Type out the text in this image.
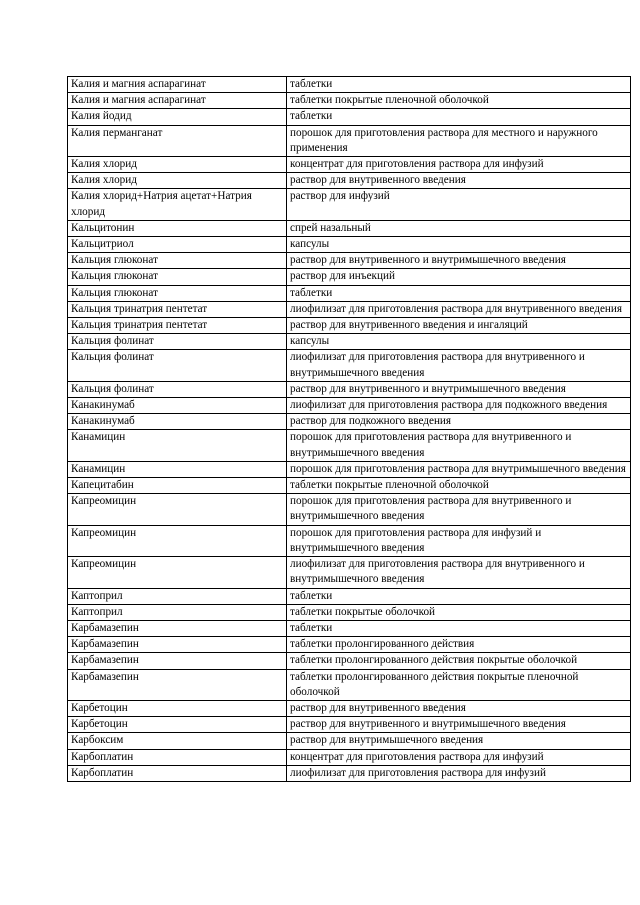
Калия и магния аспарагинат	таблетки
Калия и магния аспарагинат	таблетки покрытые пленочной оболочкой
Калия йодид	таблетки
Калия перманганат	порошок для приготовления раствора для местного и наружного применения
Калия хлорид	концентрат для приготовления раствора для инфузий
Калия хлорид	раствор для внутривенного введения
Калия хлорид+Натрия ацетат+Натрия хлорид	раствор для инфузий
Кальцитонин	спрей назальный
Кальцитриол	капсулы
Кальция глюконат	раствор для внутривенного и внутримышечного введения
Кальция глюконат	раствор для инъекций
Кальция глюконат	таблетки
Кальция тринатрия пентетат	лиофилизат для приготовления раствора для внутривенного введения
Кальция тринатрия пентетат	раствор для внутривенного введения и ингаляций
Кальция фолинат	капсулы
Кальция фолинат	лиофилизат для приготовления раствора для внутривенного и внутримышечного введения
Кальция фолинат	раствор для внутривенного и внутримышечного введения
Канакинумаб	лиофилизат для приготовления раствора для подкожного введения
Канакинумаб	раствор для подкожного введения
Канамицин	порошок для приготовления раствора для внутривенного и внутримышечного введения
Канамицин	порошок для приготовления раствора для внутримышечного введения
Капецитабин	таблетки покрытые пленочной оболочкой
Капреомицин	порошок для приготовления раствора для внутривенного и внутримышечного введения
Капреомицин	порошок для приготовления раствора для инфузий и внутримышечного введения
Капреомицин	лиофилизат для приготовления раствора для внутривенного и внутримышечного введения
Каптоприл	таблетки
Каптоприл	таблетки покрытые оболочкой
Карбамазепин	таблетки
Карбамазепин	таблетки пролонгированного действия
Карбамазепин	таблетки пролонгированного действия покрытые оболочкой
Карбамазепин	таблетки пролонгированного действия покрытые пленочной оболочкой
Карбетоцин	раствор для внутривенного введения
Карбетоцин	раствор для внутривенного и внутримышечного введения
Карбоксим	раствор для внутримышечного введения
Карбоплатин	концентрат для приготовления раствора для инфузий
Карбоплатин	лиофилизат для приготовления раствора для инфузий
